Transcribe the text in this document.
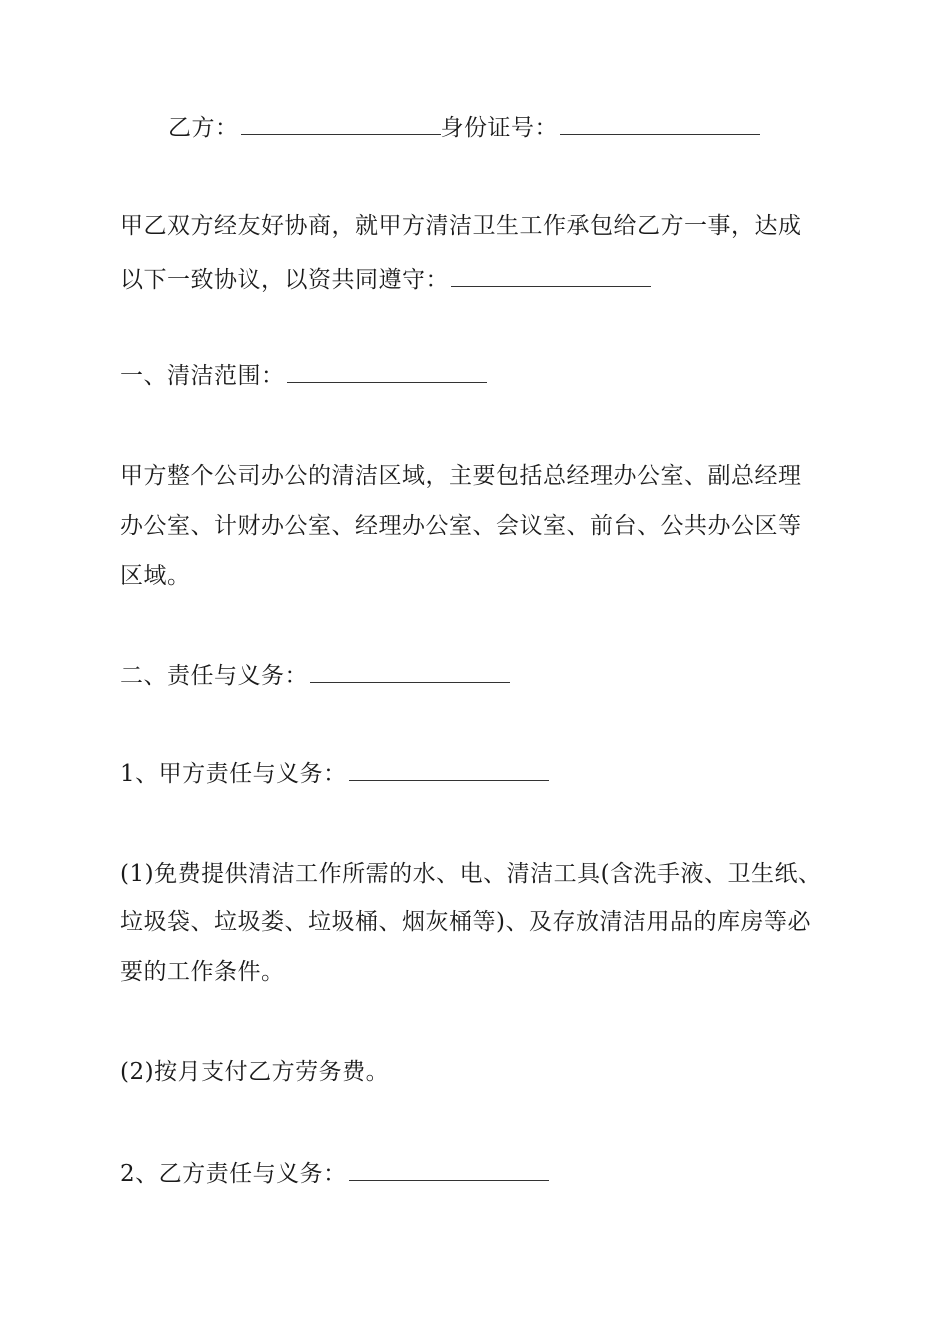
乙方：	身份证号：
甲乙双方经友好协商，就甲方清洁卫生工作承包给乙方一事，达成
以下一致协议，以资共同遵守：
一、清洁范围：
甲方整个公司办公的清洁区域，主要包括总经理办公室、副总经理
办公室、计财办公室、经理办公室、会议室、前台、公共办公区等
区域。
二、责任与义务：
1、甲方责任与义务：
(1)免费提供清洁工作所需的水、电、清洁工具(含洗手液、卫生纸、
垃圾袋、垃圾娄、垃圾桶、烟灰桶等)、及存放清洁用品的库房等必
要的工作条件。
(2)按月支付乙方劳务费。
2、乙方责任与义务：
